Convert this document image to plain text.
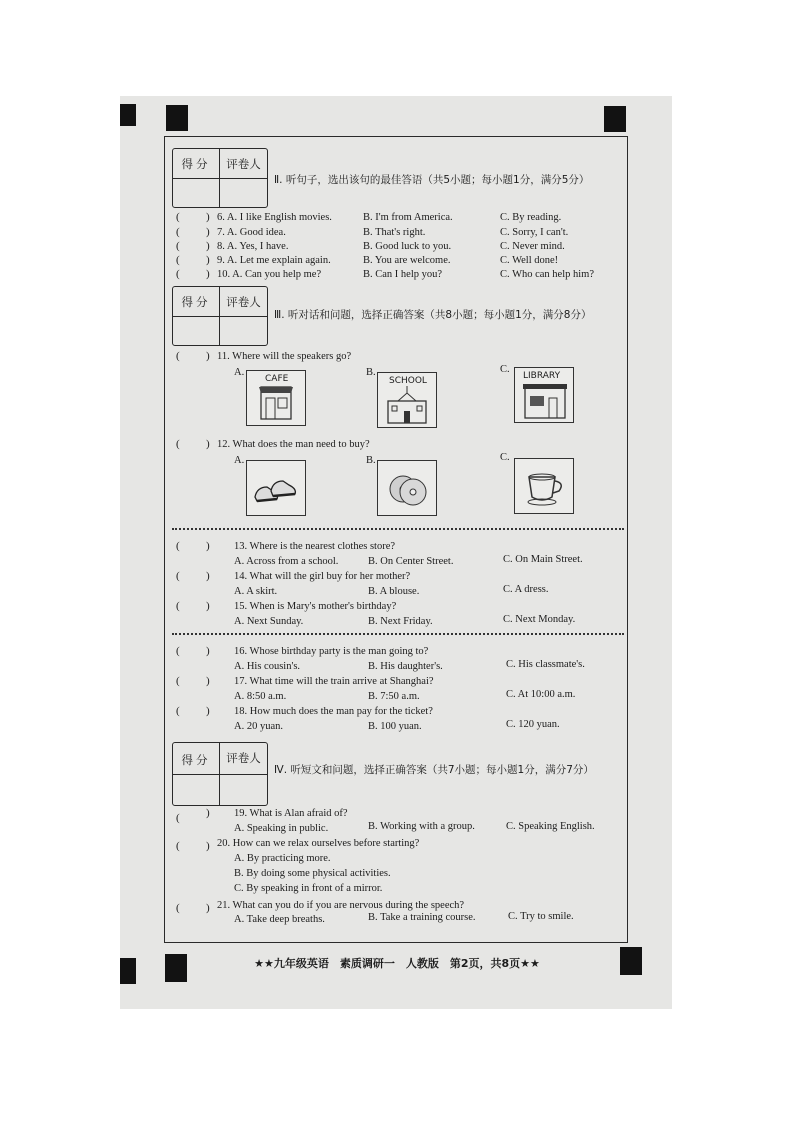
得分	评卷人
Ⅱ. 听句子，选出该句的最佳答语（共5小题；每小题1分，满分5分）
( ) 6. A. I like English movies.	B. I'm from America.	C. By reading.
( ) 7. A. Good idea.	B. That's right.	C. Sorry, I can't.
( ) 8. A. Yes, I have.	B. Good luck to you.	C. Never mind.
( ) 9. A. Let me explain again.	B. You are welcome.	C. Well done!
( ) 10. A. Can you help me?	B. Can I help you?	C. Who can help him?
得分	评卷人
Ⅲ. 听对话和问题，选择正确答案（共8小题；每小题1分，满分8分）
( ) 11. Where will the speakers go?
A.	B.	C.
CAFE	SCHOOL	LIBRARY
( ) 12. What does the man need to buy?
A.	B.	C.
( ) 13. Where is the nearest clothes store?
A. Across from a school.	B. On Center Street.	C. On Main Street.
( ) 14. What will the girl buy for her mother?
A. A skirt.	B. A blouse.	C. A dress.
( ) 15. When is Mary's mother's birthday?
A. Next Sunday.	B. Next Friday.	C. Next Monday.
( ) 16. Whose birthday party is the man going to?
A. His cousin's.	B. His daughter's.	C. His classmate's.
( ) 17. What time will the train arrive at Shanghai?
A. 8:50 a.m.	B. 7:50 a.m.	C. At 10:00 a.m.
( ) 18. How much does the man pay for the ticket?
A. 20 yuan.	B. 100 yuan.	C. 120 yuan.
得分	评卷人
Ⅳ. 听短文和问题，选择正确答案（共7小题；每小题1分，满分7分）
( ) 19. What is Alan afraid of?
A. Speaking in public.	B. Working with a group.	C. Speaking English.
( ) 20. How can we relax ourselves before starting?
A. By practicing more.
B. By doing some physical activities.
C. By speaking in front of a mirror.
( ) 21. What can you do if you are nervous during the speech?
A. Take deep breaths.	B. Take a training course.	C. Try to smile.
★★九年级英语　素质调研一　人教版　第2页，共8页★★
